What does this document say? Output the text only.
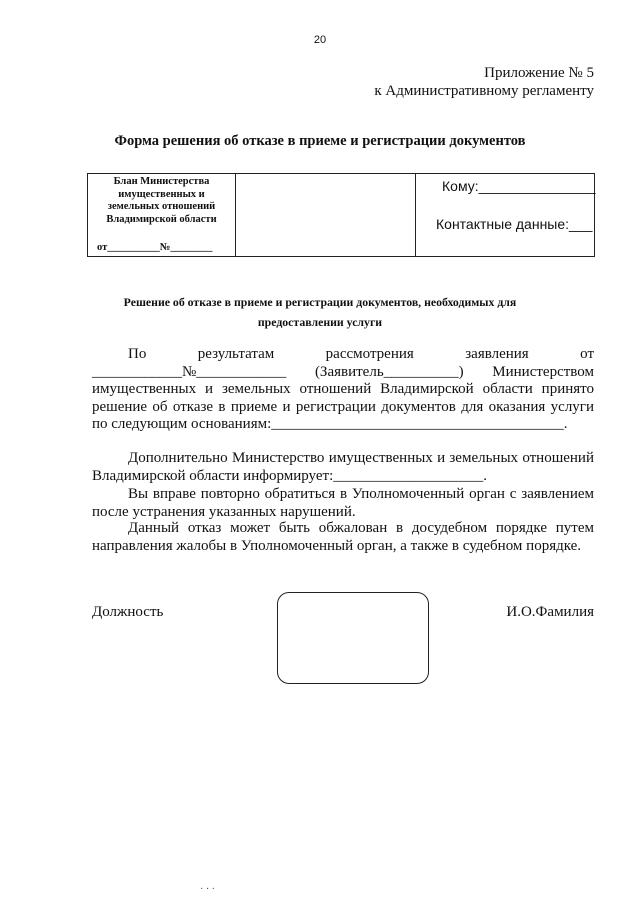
20
Приложение № 5
к Административному регламенту
Форма решения об отказе в приеме и регистрации документов
Блан Министерства
имущественных и
земельных отношений
Владимирской области
от__________№________
Кому:_______________
Контактные данные:___
Решение об отказе в приеме и регистрации документов, необходимых для
предоставлении услуги
По	результатам	рассмотрения	заявления	от
____________№____________ (Заявитель__________) Министерством
имущественных и земельных отношений Владимирской области принято решение об отказе в приеме и регистрации документов для оказания услуги по следующим основаниям:_______________________________________.
Дополнительно Министерство имущественных и земельных отношений Владимирской области информирует:____________________.
Вы вправе повторно обратиться в Уполномоченный орган с заявлением после устранения указанных нарушений.
Данный отказ может быть обжалован в досудебном порядке путем направления жалобы в Уполномоченный орган, а также в судебном порядке.
Должность	И.О.Фамилия
· · ·
